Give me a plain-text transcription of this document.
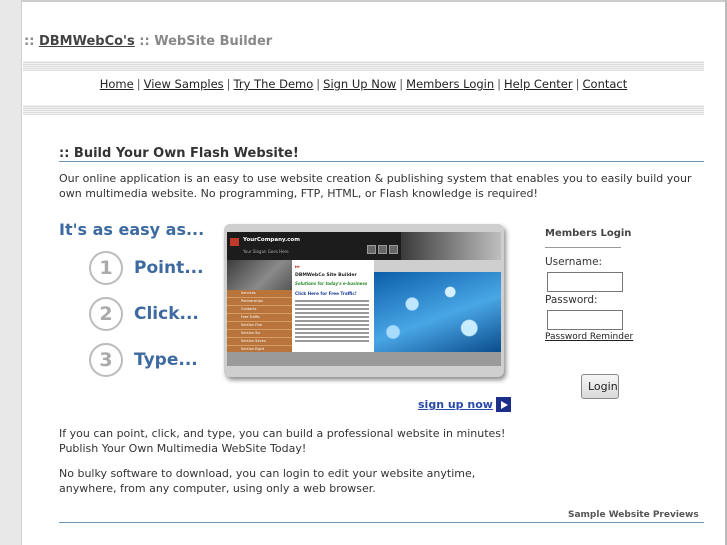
:: DBMWebCo's :: WebSite Builder
Home | View Samples | Try The Demo | Sign Up Now | Members Login | Help Center | Contact
:: Build Your Own Flash Website!
Our online application is an easy to use website creation & publishing system that enables you to easily build your own multimedia website. No programming, FTP, HTML, or Flash knowledge is required!
It's as easy as...
1	Point...
2	Click...
3	Type...
YourCompany.com
Your Slogan Goes Here
Services
Partnerships
Contacts
Free Traffic
Section Five
Section Six
Section Seven
Section Eight
▸▸
DBMWebCo Site Builder
Solutions for today's e-business
Click Here for Free Traffic!
sign up now
Members Login
Username:
Password:
Password Reminder
Login
If you can point, click, and type, you can build a professional website in minutes!
Publish Your Own Multimedia WebSite Today!
No bulky software to download, you can login to edit your website anytime,
anywhere, from any computer, using only a web browser.
Sample Website Previews
